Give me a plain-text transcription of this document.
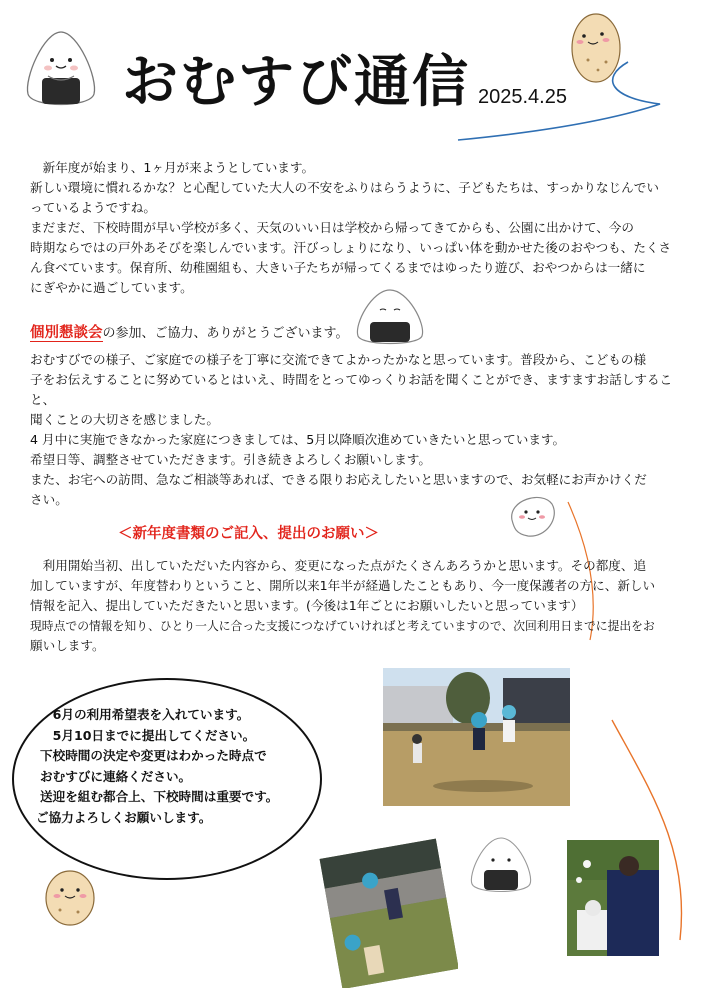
おむすび通信 2025.4.25

　新年度が始まり、1ヶ月が来ようとしています。

新しい環境に慣れるかな？と心配していた大人の不安をふりはらうように、子どもたちは、すっかりなじんでい

っているようですね。

まだまだ、下校時間が早い学校が多く、天気のいい日は学校から帰ってきてからも、公園に出かけて、今の

時期ならではの戸外あそびを楽しんでいます。汗びっしょりになり、いっぱい体を動かせた後のおやつも、たくさ

ん食べています。保育所、幼稚園組も、大きい子たちが帰ってくるまではゆったり遊び、おやつからは一緒に

にぎやかに過ごしています。

個別懇談会の参加、ご協力、ありがとうございます。

おむすびでの様子、ご家庭での様子を丁寧に交流できてよかったかなと思っています。普段から、こどもの様

子をお伝えすることに努めているとはいえ、時間をとってゆっくりお話を聞くことができ、ますますお話しすること、

聞くことの大切さを感じました。

4 月中に実施できなかった家庭につきましては、5月以降順次進めていきたいと思っています。

希望日等、調整させていただきます。引き続きよろしくお願いします。

また、お宅への訪問、急なご相談等あれば、できる限りお応えしたいと思いますので、お気軽にお声かけくだ

さい。

＜新年度書類のご記入、提出のお願い＞

　利用開始当初、出していただいた内容から、変更になった点がたくさんあろうかと思います。その都度、追

加していますが、年度替わりということ、開所以来1年半が経過したこともあり、今一度保護者の方に、新しい

情報を記入、提出していただきたいと思います。(今後は1年ごとにお願いしたいと思っています）

現時点での情報を知り、ひとり一人に合った支援につなげていければと考えていますので、次回利用日までに提出をお

願いします。

　6月の利用希望表を入れています。
　5月10日までに提出してください。
下校時間の決定や変更はわかった時点で
おむすびに連絡ください。
送迎を組む都合上、下校時間は重要です。
ご協力よろしくお願いします。
